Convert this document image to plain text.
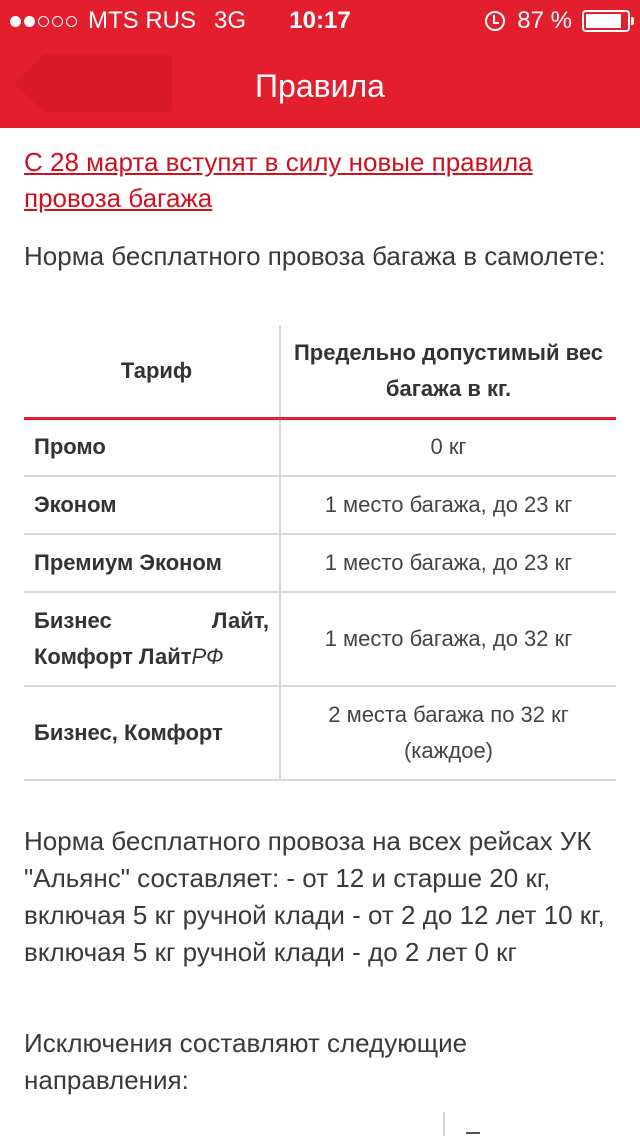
MTS RUS 3G	10:17	87 %
Правила
С 28 марта вступят в силу новые правила провоза багажа

Норма бесплатного провоза багажа в самолете:

Тариф	Предельно допустимый вес багажа в кг.
Промо	0 кг
Эконом	1 место багажа, до 23 кг
Премиум Эконом	1 место багажа, до 23 кг

Бизнес Лайт,
Комфорт ЛайтРФ	1 место багажа, до 32 кг
Бизнес, Комфорт	2 места багажа по 32 кг (каждое)

Норма бесплатного провоза на всех рейсах УК "Альянс" составляет: - от 12 и старше 20 кг, включая 5 кг ручной клади - от 2 до 12 лет 10 кг, включая 5 кг ручной клади - до 2 лет 0 кг

Исключения составляют следующие направления:
